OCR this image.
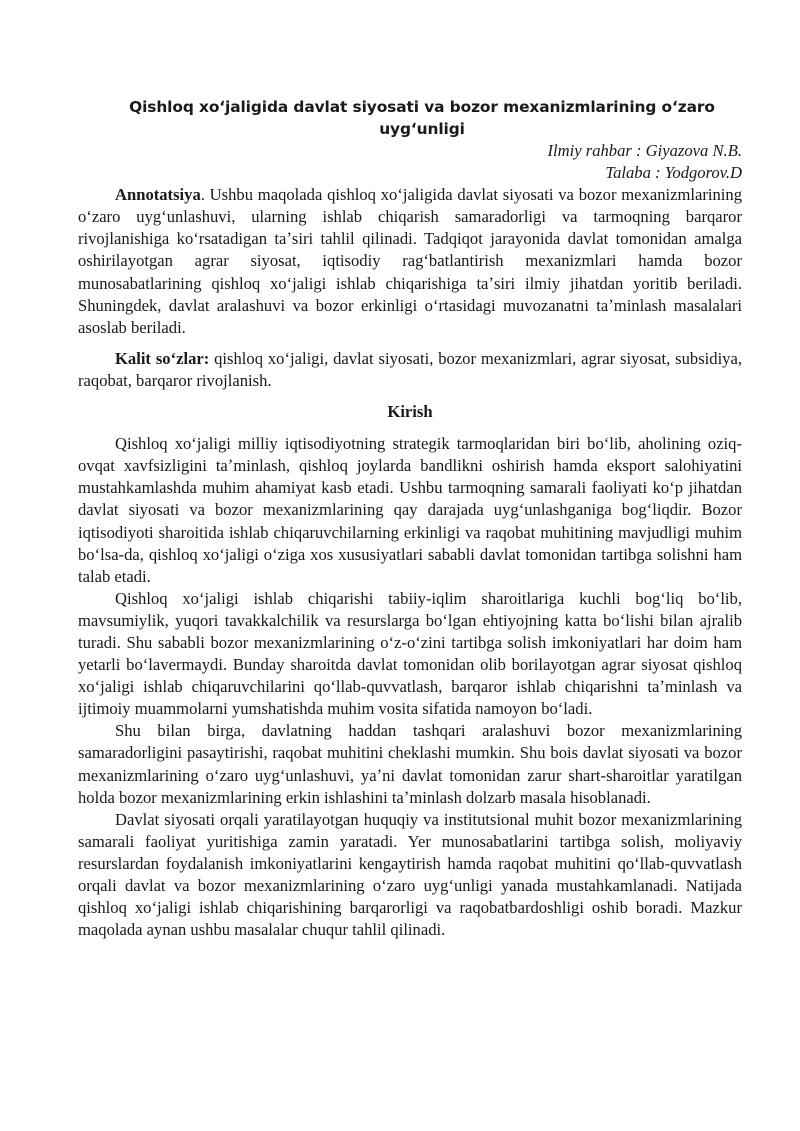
Qishloq xoʻjaligida davlat siyosati va bozor mexanizmlarining oʻzaro uygʻunligi

Ilmiy rahbar : Giyazova N.B.

Talaba : Yodgorov.D

Annotatsiya. Ushbu maqolada qishloq xoʻjaligida davlat siyosati va bozor mexanizmlarining oʻzaro uygʻunlashuvi, ularning ishlab chiqarish samaradorligi va tarmoqning barqaror rivojlanishiga koʻrsatadigan taʼsiri tahlil qilinadi. Tadqiqot jarayonida davlat tomonidan amalga oshirilayotgan agrar siyosat, iqtisodiy ragʻbatlantirish mexanizmlari hamda bozor munosabatlarining qishloq xoʻjaligi ishlab chiqarishiga taʼsiri ilmiy jihatdan yoritib beriladi. Shuningdek, davlat aralashuvi va bozor erkinligi oʻrtasidagi muvozanatni taʼminlash masalalari asoslab beriladi.

Kalit soʻzlar: qishloq xoʻjaligi, davlat siyosati, bozor mexanizmlari, agrar siyosat, subsidiya, raqobat, barqaror rivojlanish.

Kirish

Qishloq xoʻjaligi milliy iqtisodiyotning strategik tarmoqlaridan biri boʻlib, aholining oziq-ovqat xavfsizligini taʼminlash, qishloq joylarda bandlikni oshirish hamda eksport salohiyatini mustahkamlashda muhim ahamiyat kasb etadi. Ushbu tarmoqning samarali faoliyati koʻp jihatdan davlat siyosati va bozor mexanizmlarining qay darajada uygʻunlashganiga bogʻliqdir. Bozor iqtisodiyoti sharoitida ishlab chiqaruvchilarning erkinligi va raqobat muhitining mavjudligi muhim boʻlsa-da, qishloq xoʻjaligi oʻziga xos xususiyatlari sababli davlat tomonidan tartibga solishni ham talab etadi.

Qishloq xoʻjaligi ishlab chiqarishi tabiiy-iqlim sharoitlariga kuchli bogʻliq boʻlib, mavsumiylik, yuqori tavakkalchilik va resurslarga boʻlgan ehtiyojning katta boʻlishi bilan ajralib turadi. Shu sababli bozor mexanizmlarining oʻz-oʻzini tartibga solish imkoniyatlari har doim ham yetarli boʻlavermaydi. Bunday sharoitda davlat tomonidan olib borilayotgan agrar siyosat qishloq xoʻjaligi ishlab chiqaruvchilarini qoʻllab-quvvatlash, barqaror ishlab chiqarishni taʼminlash va ijtimoiy muammolarni yumshatishda muhim vosita sifatida namoyon boʻladi.

Shu bilan birga, davlatning haddan tashqari aralashuvi bozor mexanizmlarining samaradorligini pasaytirishi, raqobat muhitini cheklashi mumkin. Shu bois davlat siyosati va bozor mexanizmlarining oʻzaro uygʻunlashuvi, yaʼni davlat tomonidan zarur shart-sharoitlar yaratilgan holda bozor mexanizmlarining erkin ishlashini taʼminlash dolzarb masala hisoblanadi.

Davlat siyosati orqali yaratilayotgan huquqiy va institutsional muhit bozor mexanizmlarining samarali faoliyat yuritishiga zamin yaratadi. Yer munosabatlarini tartibga solish, moliyaviy resurslardan foydalanish imkoniyatlarini kengaytirish hamda raqobat muhitini qoʻllab-quvvatlash orqali davlat va bozor mexanizmlarining oʻzaro uygʻunligi yanada mustahkamlanadi. Natijada qishloq xoʻjaligi ishlab chiqarishining barqarorligi va raqobatbardoshligi oshib boradi. Mazkur maqolada aynan ushbu masalalar chuqur tahlil qilinadi.
